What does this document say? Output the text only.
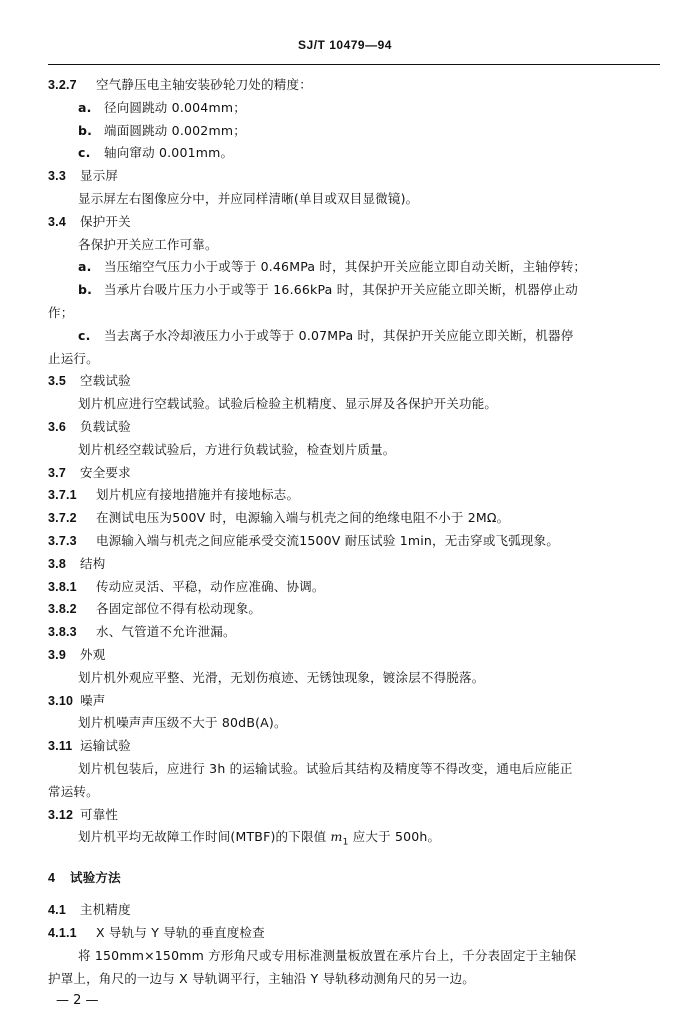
SJ/T 10479—94
3.2.7 空气静压电主轴安装砂轮刀处的精度：
a. 径向圆跳动 0.004mm；
b. 端面圆跳动 0.002mm；
c. 轴向窜动 0.001mm。
3.3 显示屏
显示屏左右图像应分中，并应同样清晰(单目或双目显微镜)。
3.4 保护开关
各保护开关应工作可靠。
a. 当压缩空气压力小于或等于 0.46MPa 时，其保护开关应能立即自动关断，主轴停转；
b. 当承片台吸片压力小于或等于 16.66kPa 时，其保护开关应能立即关断，机器停止动
作；
c. 当去离子水冷却液压力小于或等于 0.07MPa 时，其保护开关应能立即关断，机器停
止运行。
3.5 空载试验
划片机应进行空载试验。试验后检验主机精度、显示屏及各保护开关功能。
3.6 负载试验
划片机经空载试验后，方进行负载试验，检查划片质量。
3.7 安全要求
3.7.1 划片机应有接地措施并有接地标志。
3.7.2 在测试电压为500V 时，电源输入端与机壳之间的绝缘电阻不小于 2MΩ。
3.7.3 电源输入端与机壳之间应能承受交流1500V 耐压试验 1min，无击穿或飞弧现象。
3.8 结构
3.8.1 传动应灵活、平稳，动作应准确、协调。
3.8.2 各固定部位不得有松动现象。
3.8.3 水、气管道不允许泄漏。
3.9 外观
划片机外观应平整、光滑，无划伤痕迹、无锈蚀现象，镀涂层不得脱落。
3.10 噪声
划片机噪声声压级不大于 80dB(A)。
3.11 运输试验
划片机包装后，应进行 3h 的运输试验。试验后其结构及精度等不得改变，通电后应能正
常运转。
3.12 可靠性
划片机平均无故障工作时间(MTBF)的下限值 $m_1$ 应大于 500h。
4 试验方法
4.1 主机精度
4.1.1 X 导轨与 Y 导轨的垂直度检查
将 150mm×150mm 方形角尺或专用标准测量板放置在承片台上，千分表固定于主轴保
护罩上，角尺的一边与 X 导轨调平行，主轴沿 Y 导轨移动测角尺的另一边。
— 2 —
